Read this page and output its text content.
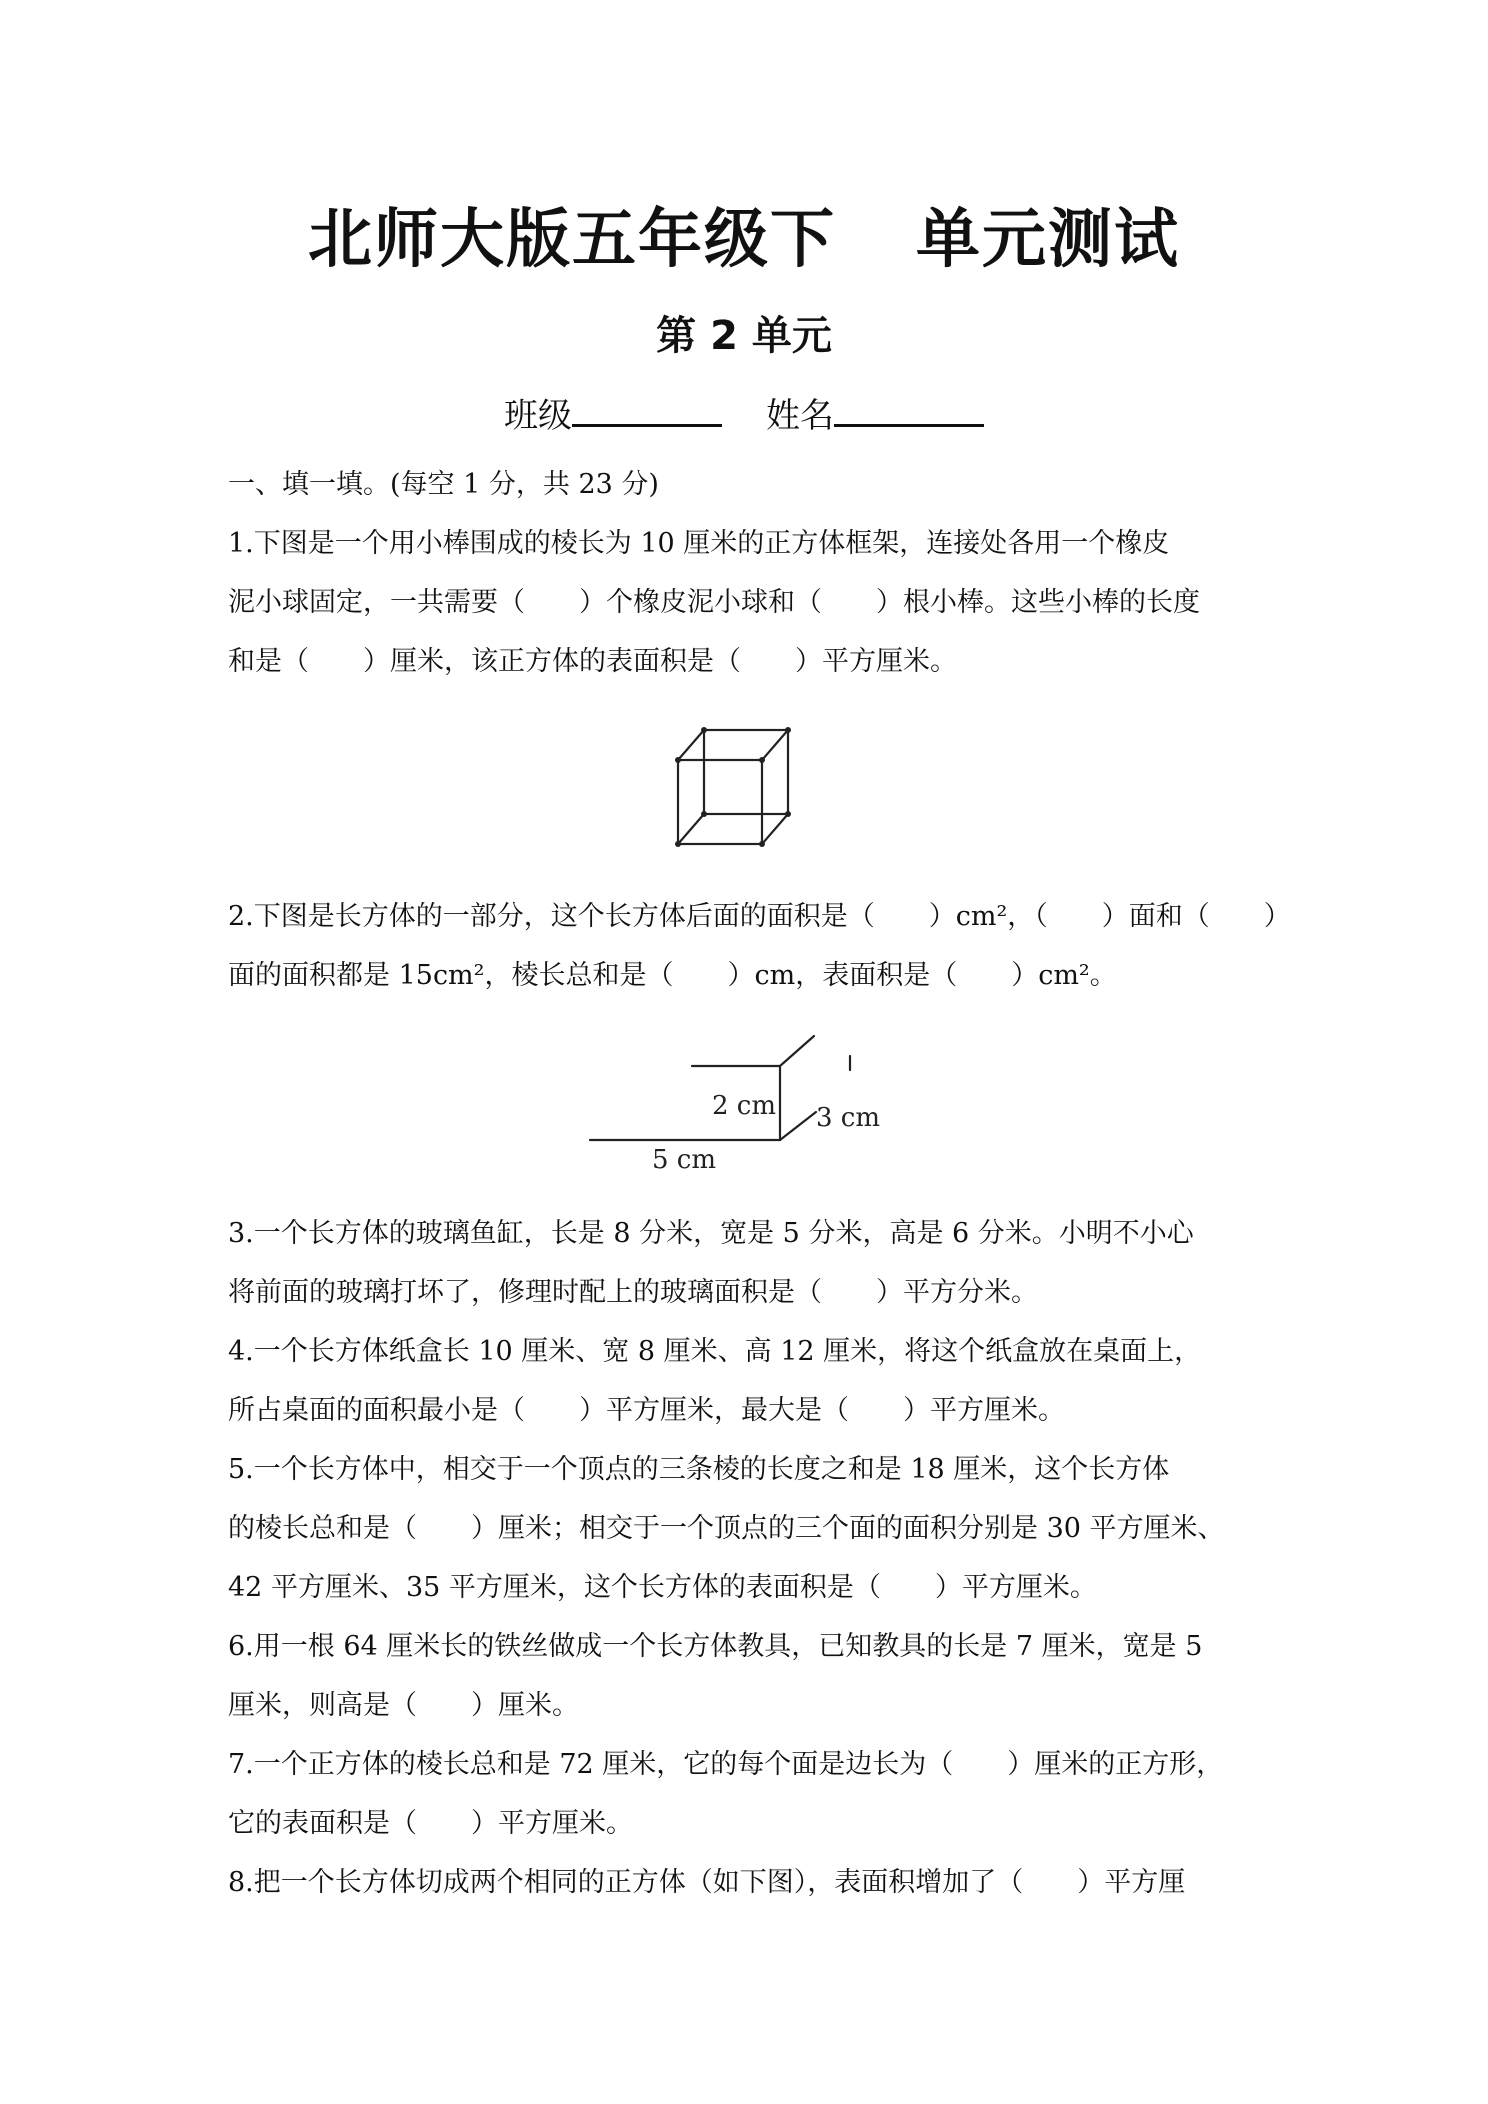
北师大版五年级下 单元测试
第 2 单元
班级	姓名
一、填一填。(每空 1 分，共 23 分)
1.下图是一个用小棒围成的棱长为 10 厘米的正方体框架，连接处各用一个橡皮
泥小球固定，一共需要（　　）个橡皮泥小球和（　　）根小棒。这些小棒的长度
和是（　　）厘米，该正方体的表面积是（　　）平方厘米。
2.下图是长方体的一部分，这个长方体后面的面积是（　　）cm²，（　　）面和（　　）
面的面积都是 15cm²，棱长总和是（　　）cm，表面积是（　　）cm²。
2 cm 3 cm
5 cm
3.一个长方体的玻璃鱼缸，长是 8 分米，宽是 5 分米，高是 6 分米。小明不小心
将前面的玻璃打坏了，修理时配上的玻璃面积是（　　）平方分米。
4.一个长方体纸盒长 10 厘米、宽 8 厘米、高 12 厘米，将这个纸盒放在桌面上，
所占桌面的面积最小是（　　）平方厘米，最大是（　　）平方厘米。
5.一个长方体中，相交于一个顶点的三条棱的长度之和是 18 厘米，这个长方体
的棱长总和是（　　）厘米；相交于一个顶点的三个面的面积分别是 30 平方厘米、
42 平方厘米、35 平方厘米，这个长方体的表面积是（　　）平方厘米。
6.用一根 64 厘米长的铁丝做成一个长方体教具，已知教具的长是 7 厘米，宽是 5
厘米，则高是（　　）厘米。
7.一个正方体的棱长总和是 72 厘米，它的每个面是边长为（　　）厘米的正方形，
它的表面积是（　　）平方厘米。
8.把一个长方体切成两个相同的正方体（如下图），表面积增加了（　　）平方厘
